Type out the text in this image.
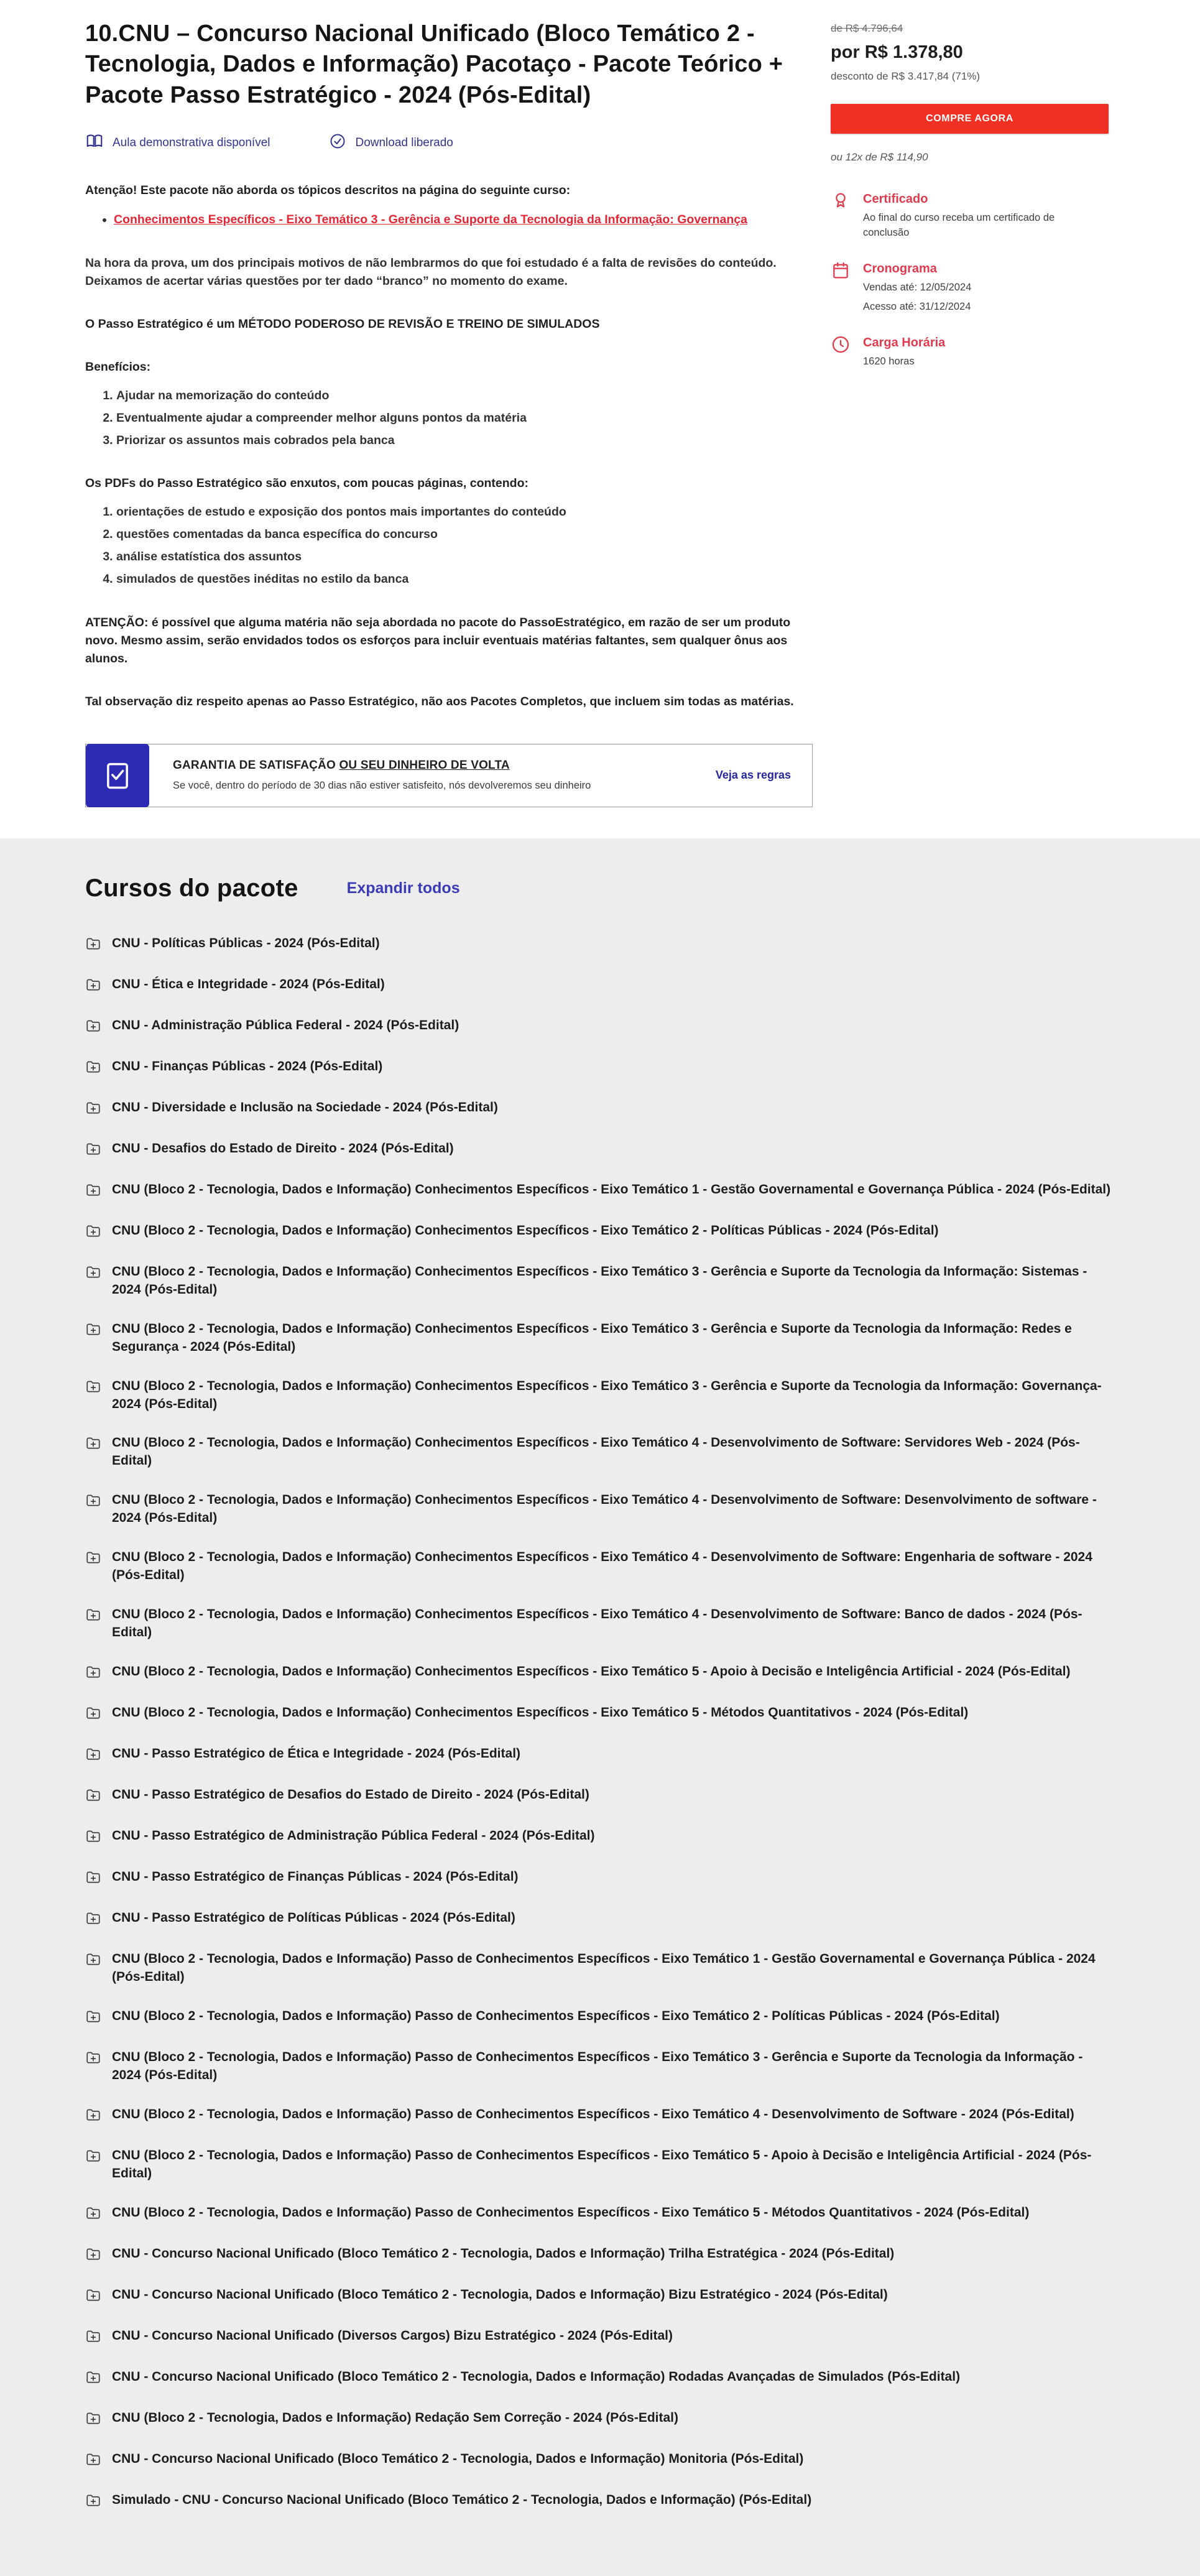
10.CNU – Concurso Nacional Unificado (Bloco Temático 2 - Tecnologia, Dados e Informação) Pacotaço - Pacote Teórico + Pacote Passo Estratégico - 2024 (Pós-Edital)
Aula demonstrativa disponível	Download liberado

Atenção! Este pacote não aborda os tópicos descritos na página do seguinte curso:

• Conhecimentos Específicos - Eixo Temático 3 - Gerência e Suporte da Tecnologia da Informação: Governança

Na hora da prova, um dos principais motivos de não lembrarmos do que foi estudado é a falta de revisões do conteúdo. Deixamos de acertar várias questões por ter dado “branco” no momento do exame.

O Passo Estratégico é um MÉTODO PODEROSO DE REVISÃO E TREINO DE SIMULADOS

Benefícios:

1. Ajudar na memorização do conteúdo
2. Eventualmente ajudar a compreender melhor alguns pontos da matéria
3. Priorizar os assuntos mais cobrados pela banca

Os PDFs do Passo Estratégico são enxutos, com poucas páginas, contendo:

1. orientações de estudo e exposição dos pontos mais importantes do conteúdo
2. questões comentadas da banca específica do concurso
3. análise estatística dos assuntos
4. simulados de questões inéditas no estilo da banca

ATENÇÃO: é possível que alguma matéria não seja abordada no pacote do PassoEstratégico, em razão de ser um produto novo. Mesmo assim, serão envidados todos os esforços para incluir eventuais matérias faltantes, sem qualquer ônus aos alunos.

Tal observação diz respeito apenas ao Passo Estratégico, não aos Pacotes Completos, que incluem sim todas as matérias.

GARANTIA DE SATISFAÇÃO OU SEU DINHEIRO DE VOLTA
Se você, dentro do período de 30 dias não estiver satisfeito, nós devolveremos seu dinheiro
Veja as regras
de R$ 4.796,64
por R$ 1.378,80
desconto de R$ 3.417,84 (71%)
COMPRE AGORA
ou 12x de R$ 114,90
Certificado
Ao final do curso receba um certificado de conclusão
Cronograma
Vendas até: 12/05/2024
Acesso até: 31/12/2024
Carga Horária
1620 horas
Cursos do pacote	Expandir todos
CNU - Políticas Públicas - 2024 (Pós-Edital)
CNU - Ética e Integridade - 2024 (Pós-Edital)
CNU - Administração Pública Federal - 2024 (Pós-Edital)
CNU - Finanças Públicas - 2024 (Pós-Edital)
CNU - Diversidade e Inclusão na Sociedade - 2024 (Pós-Edital)
CNU - Desafios do Estado de Direito - 2024 (Pós-Edital)
CNU (Bloco 2 - Tecnologia, Dados e Informação) Conhecimentos Específicos - Eixo Temático 1 - Gestão Governamental e Governança Pública - 2024 (Pós-Edital)
CNU (Bloco 2 - Tecnologia, Dados e Informação) Conhecimentos Específicos - Eixo Temático 2 - Políticas Públicas - 2024 (Pós-Edital)
CNU (Bloco 2 - Tecnologia, Dados e Informação) Conhecimentos Específicos - Eixo Temático 3 - Gerência e Suporte da Tecnologia da Informação: Sistemas - 2024 (Pós-Edital)
CNU (Bloco 2 - Tecnologia, Dados e Informação) Conhecimentos Específicos - Eixo Temático 3 - Gerência e Suporte da Tecnologia da Informação: Redes e Segurança - 2024 (Pós-Edital)
CNU (Bloco 2 - Tecnologia, Dados e Informação) Conhecimentos Específicos - Eixo Temático 3 - Gerência e Suporte da Tecnologia da Informação: Governança- 2024 (Pós-Edital)
CNU (Bloco 2 - Tecnologia, Dados e Informação) Conhecimentos Específicos - Eixo Temático 4 - Desenvolvimento de Software: Servidores Web - 2024 (Pós-Edital)
CNU (Bloco 2 - Tecnologia, Dados e Informação) Conhecimentos Específicos - Eixo Temático 4 - Desenvolvimento de Software: Desenvolvimento de software - 2024 (Pós-Edital)
CNU (Bloco 2 - Tecnologia, Dados e Informação) Conhecimentos Específicos - Eixo Temático 4 - Desenvolvimento de Software: Engenharia de software - 2024 (Pós-Edital)
CNU (Bloco 2 - Tecnologia, Dados e Informação) Conhecimentos Específicos - Eixo Temático 4 - Desenvolvimento de Software: Banco de dados - 2024 (Pós-Edital)
CNU (Bloco 2 - Tecnologia, Dados e Informação) Conhecimentos Específicos - Eixo Temático 5 - Apoio à Decisão e Inteligência Artificial - 2024 (Pós-Edital)
CNU (Bloco 2 - Tecnologia, Dados e Informação) Conhecimentos Específicos - Eixo Temático 5 - Métodos Quantitativos - 2024 (Pós-Edital)
CNU - Passo Estratégico de Ética e Integridade - 2024 (Pós-Edital)
CNU - Passo Estratégico de Desafios do Estado de Direito - 2024 (Pós-Edital)
CNU - Passo Estratégico de Administração Pública Federal - 2024 (Pós-Edital)
CNU - Passo Estratégico de Finanças Públicas - 2024 (Pós-Edital)
CNU - Passo Estratégico de Políticas Públicas - 2024 (Pós-Edital)
CNU (Bloco 2 - Tecnologia, Dados e Informação) Passo de Conhecimentos Específicos - Eixo Temático 1 - Gestão Governamental e Governança Pública - 2024 (Pós-Edital)
CNU (Bloco 2 - Tecnologia, Dados e Informação) Passo de Conhecimentos Específicos - Eixo Temático 2 - Políticas Públicas - 2024 (Pós-Edital)
CNU (Bloco 2 - Tecnologia, Dados e Informação) Passo de Conhecimentos Específicos - Eixo Temático 3 - Gerência e Suporte da Tecnologia da Informação - 2024 (Pós-Edital)
CNU (Bloco 2 - Tecnologia, Dados e Informação) Passo de Conhecimentos Específicos - Eixo Temático 4 - Desenvolvimento de Software - 2024 (Pós-Edital)
CNU (Bloco 2 - Tecnologia, Dados e Informação) Passo de Conhecimentos Específicos - Eixo Temático 5 - Apoio à Decisão e Inteligência Artificial - 2024 (Pós-Edital)
CNU (Bloco 2 - Tecnologia, Dados e Informação) Passo de Conhecimentos Específicos - Eixo Temático 5 - Métodos Quantitativos - 2024 (Pós-Edital)
CNU - Concurso Nacional Unificado (Bloco Temático 2 - Tecnologia, Dados e Informação) Trilha Estratégica - 2024 (Pós-Edital)
CNU - Concurso Nacional Unificado (Bloco Temático 2 - Tecnologia, Dados e Informação) Bizu Estratégico - 2024 (Pós-Edital)
CNU - Concurso Nacional Unificado (Diversos Cargos) Bizu Estratégico - 2024 (Pós-Edital)
CNU - Concurso Nacional Unificado (Bloco Temático 2 - Tecnologia, Dados e Informação) Rodadas Avançadas de Simulados (Pós-Edital)
CNU (Bloco 2 - Tecnologia, Dados e Informação) Redação Sem Correção - 2024 (Pós-Edital)
CNU - Concurso Nacional Unificado (Bloco Temático 2 - Tecnologia, Dados e Informação) Monitoria (Pós-Edital)
Simulado - CNU - Concurso Nacional Unificado (Bloco Temático 2 - Tecnologia, Dados e Informação) (Pós-Edital)
